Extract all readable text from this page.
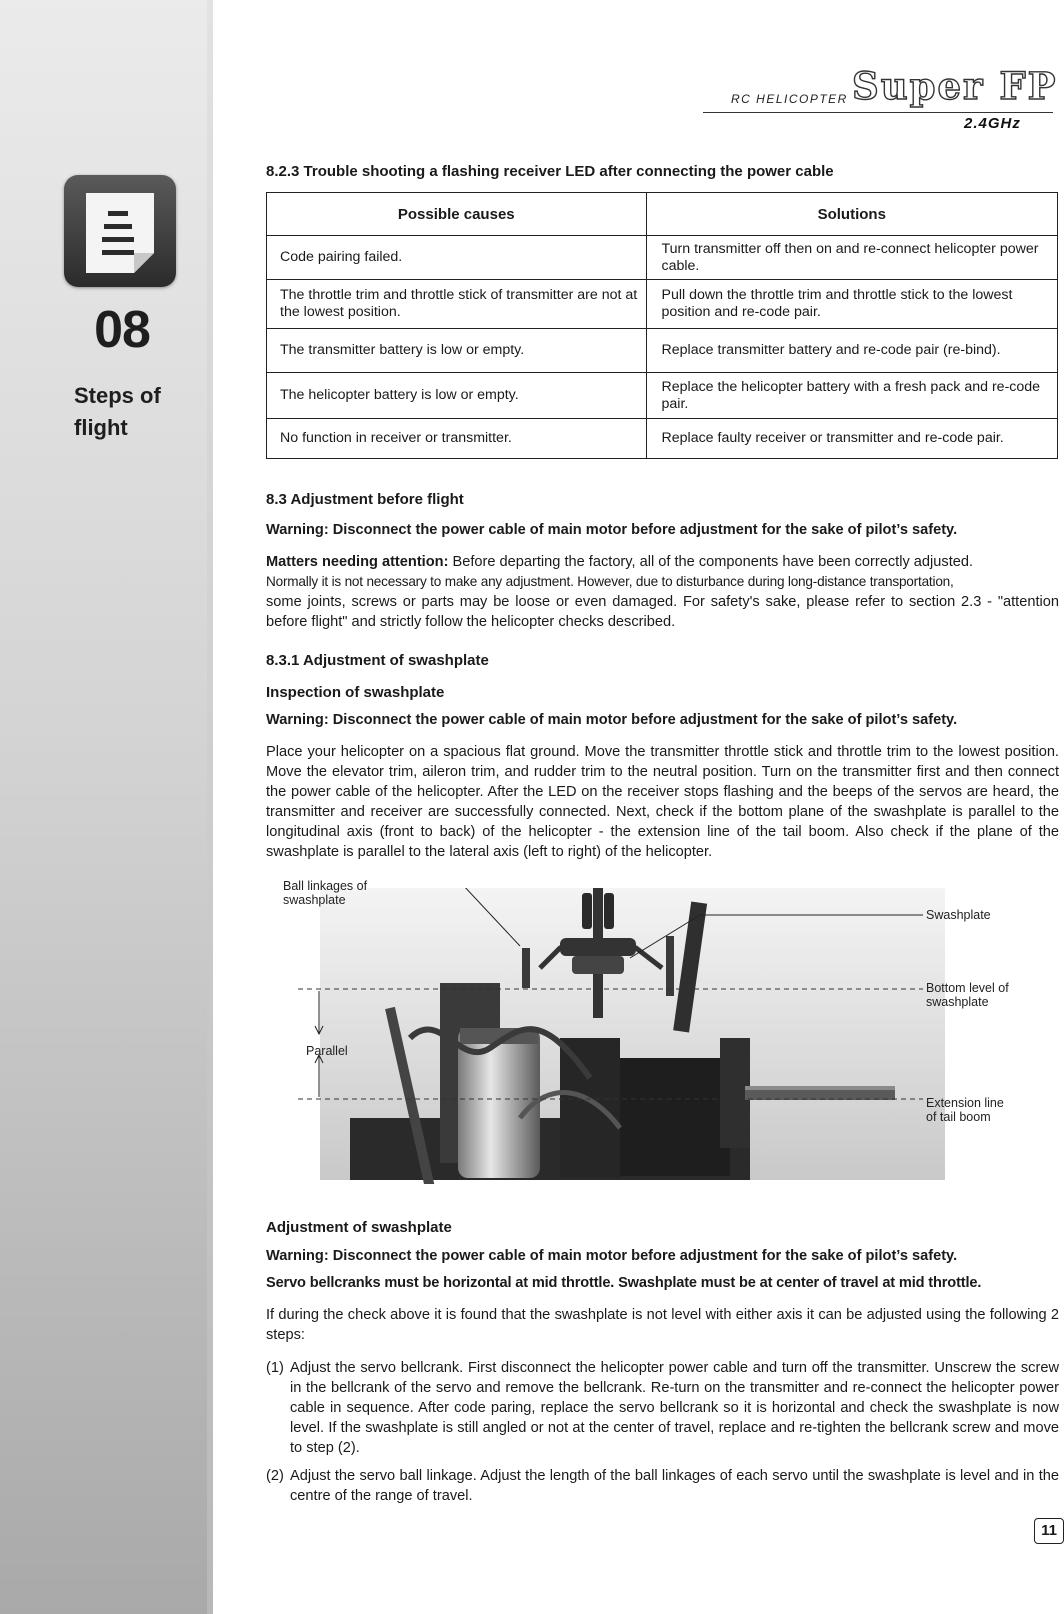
08
Steps of
flight
RC HELICOPTER Super FP
2.4GHz
8.2.3 Trouble shooting a flashing receiver LED after connecting the power cable
Possible causes	Solutions
Code pairing failed.	Turn transmitter off then on and re-connect helicopter power cable.
The throttle trim and throttle stick of transmitter are not at the lowest position.	Pull down the throttle trim and throttle stick to the lowest position and re-code pair.
The transmitter battery is low or empty.	Replace transmitter battery and re-code pair (re-bind).
The helicopter battery is low or empty.	Replace the helicopter battery with a fresh pack and re-code pair.
No function in receiver or transmitter.	Replace faulty receiver or transmitter and re-code pair.
8.3 Adjustment before flight
Warning: Disconnect the power cable of main motor before adjustment for the sake of pilot’s safety.
Matters needing attention: Before departing the factory, all of the components have been correctly adjusted.
Normally it is not necessary to make any adjustment. However, due to disturbance during long-distance transportation,
some joints, screws or parts may be loose or even damaged. For safety's sake, please refer to section 2.3 - "attention before flight" and strictly follow the helicopter checks described.
8.3.1 Adjustment of swashplate
Inspection of swashplate
Warning: Disconnect the power cable of main motor before adjustment for the sake of pilot’s safety.
Place your helicopter on a spacious flat ground. Move the transmitter throttle stick and throttle trim to the lowest position. Move the elevator trim, aileron trim, and rudder trim to the neutral position. Turn on the transmitter first and then connect the power cable of the helicopter. After the LED on the receiver stops flashing and the beeps of the servos are heard, the transmitter and receiver are successfully connected. Next, check if the bottom plane of the swashplate is parallel to the longitudinal axis (front to back) of the helicopter - the extension line of the tail boom. Also check if the plane of the swashplate is parallel to the lateral axis (left to right) of the helicopter.
Ball linkages of
swashplate
Swashplate
Bottom level of
swashplate
Parallel
Extension line
of tail boom
Adjustment of swashplate
Warning: Disconnect the power cable of main motor before adjustment for the sake of pilot’s safety.
Servo bellcranks must be horizontal at mid throttle. Swashplate must be at center of travel at mid throttle.
If during the check above it is found that the swashplate is not level with either axis it can be adjusted using the following 2 steps:
(1) Adjust the servo bellcrank. First disconnect the helicopter power cable and turn off the transmitter. Unscrew the screw in the bellcrank of the servo and remove the bellcrank. Re-turn on the transmitter and re-connect the helicopter power cable in sequence. After code paring, replace the servo bellcrank so it is horizontal and check the swashplate is now level. If the swashplate is still angled or not at the center of travel, replace and re-tighten the bellcrank screw and move to step (2).
(2) Adjust the servo ball linkage. Adjust the length of the ball linkages of each servo until the swashplate is level and in the centre of the range of travel.
11
